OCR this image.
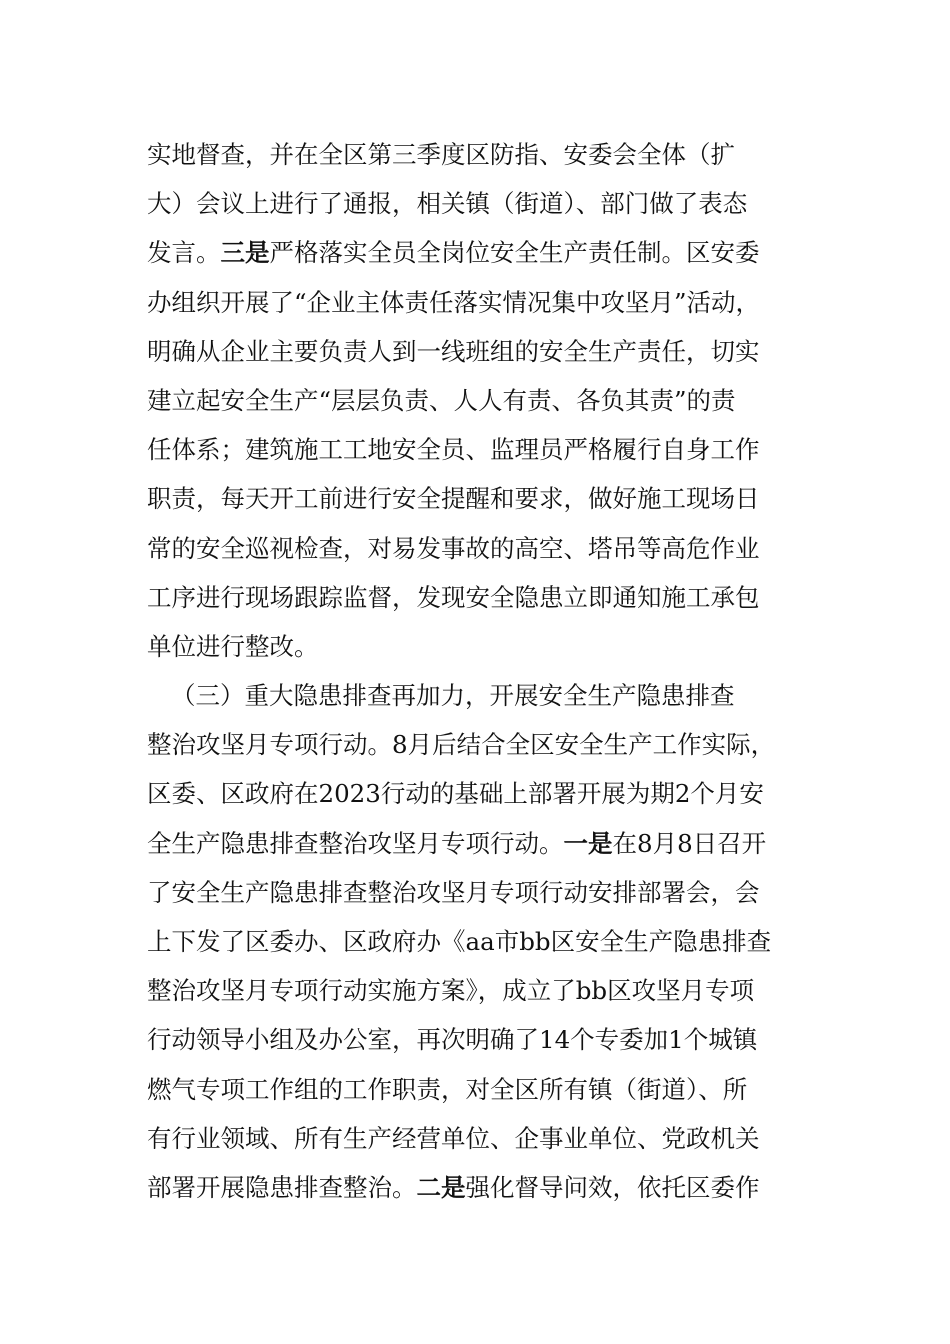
实地督查，并在全区第三季度区防指、安委会全体（扩
大）会议上进行了通报，相关镇（街道）、部门做了表态
发言。三是严格落实全员全岗位安全生产责任制。区安委
办组织开展了“企业主体责任落实情况集中攻坚月”活动，
明确从企业主要负责人到一线班组的安全生产责任，切实
建立起安全生产“层层负责、人人有责、各负其责”的责
任体系；建筑施工工地安全员、监理员严格履行自身工作
职责，每天开工前进行安全提醒和要求，做好施工现场日
常的安全巡视检查，对易发事故的高空、塔吊等高危作业
工序进行现场跟踪监督，发现安全隐患立即通知施工承包
单位进行整改。
（三）重大隐患排查再加力，开展安全生产隐患排查
整治攻坚月专项行动。8月后结合全区安全生产工作实际，
区委、区政府在2023行动的基础上部署开展为期2个月安
全生产隐患排查整治攻坚月专项行动。一是在8月8日召开
了安全生产隐患排查整治攻坚月专项行动安排部署会，会
上下发了区委办、区政府办《aa市bb区安全生产隐患排查
整治攻坚月专项行动实施方案》，成立了bb区攻坚月专项
行动领导小组及办公室，再次明确了14个专委加1个城镇
燃气专项工作组的工作职责，对全区所有镇（街道）、所
有行业领域、所有生产经营单位、企事业单位、党政机关
部署开展隐患排查整治。二是强化督导问效，依托区委作
